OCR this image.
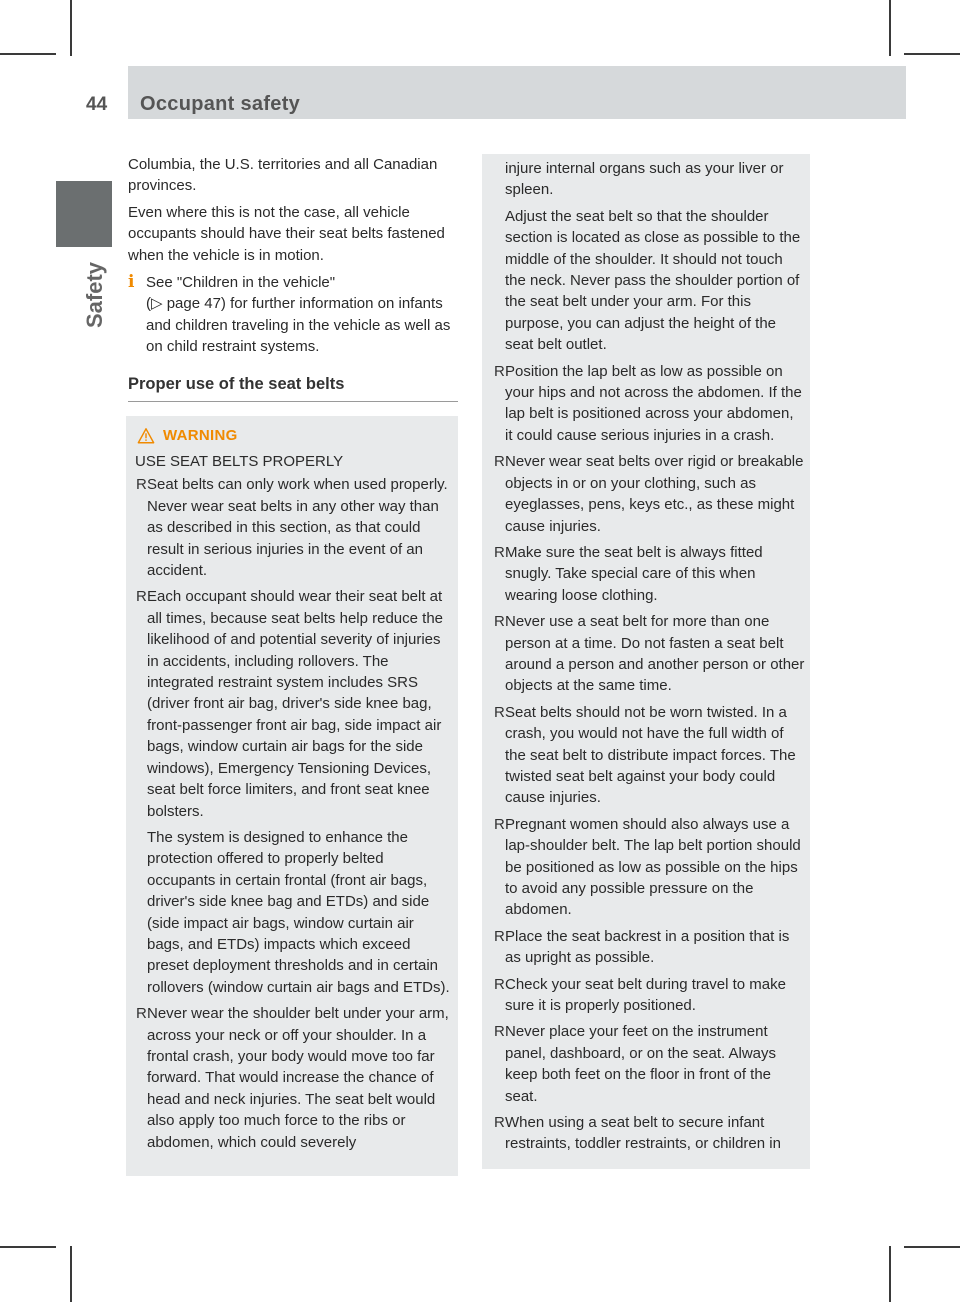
44	Occupant safety
Safety

Columbia, the U.S. territories and all Canadian provinces.

Even where this is not the case, all vehicle occupants should have their seat belts fastened when the vehicle is in motion.

i See "Children in the vehicle"
(▷ page 47) for further information on infants and children traveling in the vehicle as well as on child restraint systems.
Proper use of the seat belts
WARNING
USE SEAT BELTS PROPERLY
R Seat belts can only work when used properly. Never wear seat belts in any other way than as described in this section, as that could result in serious injuries in the event of an accident.

R Each occupant should wear their seat belt at all times, because seat belts help reduce the likelihood of and potential severity of injuries in accidents, including rollovers. The integrated restraint system includes SRS (driver front air bag, driver's side knee bag, front-passenger front air bag, side impact air bags, window curtain air bags for the side windows), Emergency Tensioning Devices, seat belt force limiters, and front seat knee bolsters.

The system is designed to enhance the protection offered to properly belted occupants in certain frontal (front air bags, driver's side knee bag and ETDs) and side (side impact air bags, window curtain air bags, and ETDs) impacts which exceed preset deployment thresholds and in certain rollovers (window curtain air bags and ETDs).

R Never wear the shoulder belt under your arm, across your neck or off your shoulder. In a frontal crash, your body would move too far forward. That would increase the chance of head and neck injuries. The seat belt would also apply too much force to the ribs or abdomen, which could severely

injure internal organs such as your liver or spleen.

Adjust the seat belt so that the shoulder section is located as close as possible to the middle of the shoulder. It should not touch the neck. Never pass the shoulder portion of the seat belt under your arm. For this purpose, you can adjust the height of the seat belt outlet.

R Position the lap belt as low as possible on your hips and not across the abdomen. If the lap belt is positioned across your abdomen, it could cause serious injuries in a crash.

R Never wear seat belts over rigid or breakable objects in or on your clothing, such as eyeglasses, pens, keys etc., as these might cause injuries.

R Make sure the seat belt is always fitted snugly. Take special care of this when wearing loose clothing.

R Never use a seat belt for more than one person at a time. Do not fasten a seat belt around a person and another person or other objects at the same time.

R Seat belts should not be worn twisted. In a crash, you would not have the full width of the seat belt to distribute impact forces. The twisted seat belt against your body could cause injuries.

R Pregnant women should also always use a lap-shoulder belt. The lap belt portion should be positioned as low as possible on the hips to avoid any possible pressure on the abdomen.

R Place the seat backrest in a position that is as upright as possible.

R Check your seat belt during travel to make sure it is properly positioned.

R Never place your feet on the instrument panel, dashboard, or on the seat. Always keep both feet on the floor in front of the seat.

R When using a seat belt to secure infant restraints, toddler restraints, or children in
